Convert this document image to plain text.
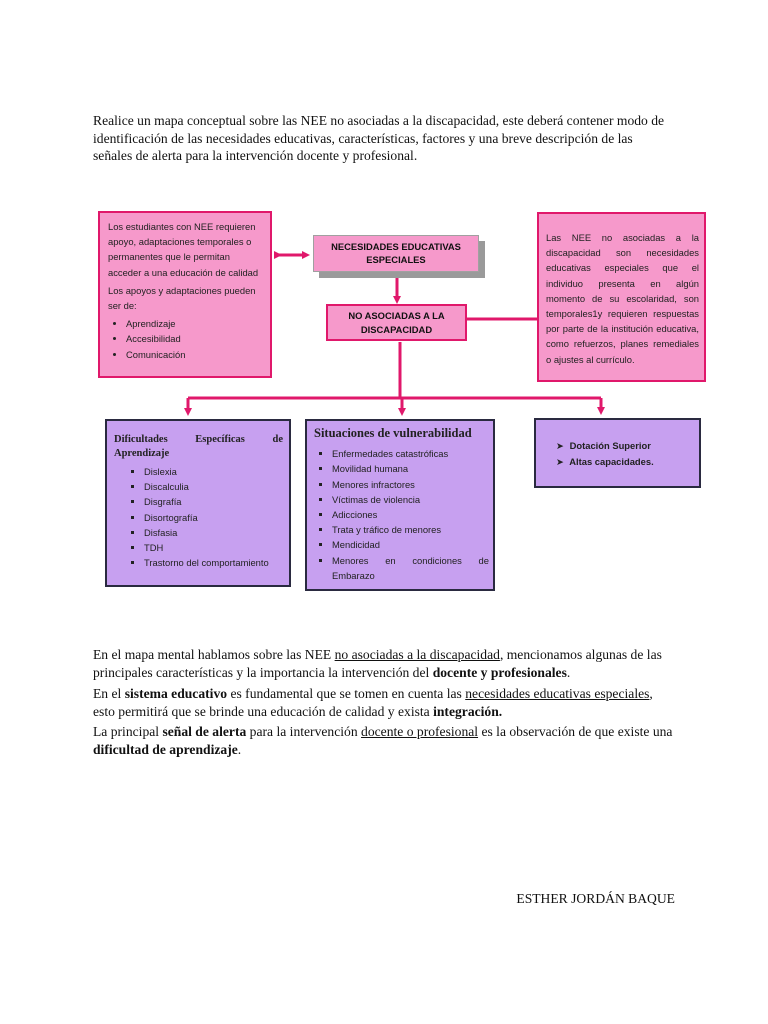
Realice un mapa conceptual sobre las NEE no asociadas a la discapacidad, este deberá contener modo de identificación de las necesidades educativas, características, factores y una breve descripción de las señales de alerta para la intervención docente y profesional.

Los estudiantes con NEE requieren apoyo, adaptaciones temporales o permanentes que le permitan acceder a una educación de calidad

Los apoyos y adaptaciones pueden ser de:

• Aprendizaje
• Accesibilidad
• Comunicación
NECESIDADES EDUCATIVAS ESPECIALES
NO ASOCIADAS A LA
DISCAPACIDAD
Las NEE no asociadas a la discapacidad son necesidades educativas especiales que el individuo presenta en algún momento de su escolaridad, son temporales1y requieren respuestas por parte de la institución educativa, como refuerzos, planes remediales o ajustes al currículo.
Dificultades	Específicas	de
Aprendizaje
▪ Dislexia
▪ Discalculia
▪ Disgrafía
▪ Disortografía
▪ Disfasia
▪ TDH
▪ Trastorno del comportamiento
Situaciones de vulnerabilidad
▪ Enfermedades catastróficas
▪ Movilidad humana
▪ Menores infractores
▪ Víctimas de violencia
▪ Adicciones
▪ Trata y tráfico de menores
▪ Mendicidad
▪ Menores en condiciones de
Embarazo
➤ Dotación Superior
➤ Altas capacidades.

En el mapa mental hablamos sobre las NEE no asociadas a la discapacidad, mencionamos algunas de las principales características y la importancia la intervención del docente y profesionales.

En el sistema educativo es fundamental que se tomen en cuenta las necesidades educativas especiales, esto permitirá que se brinde una educación de calidad y exista integración.

La principal señal de alerta para la intervención docente o profesional es la observación de que existe una dificultad de aprendizaje.

ESTHER JORDÁN BAQUE
